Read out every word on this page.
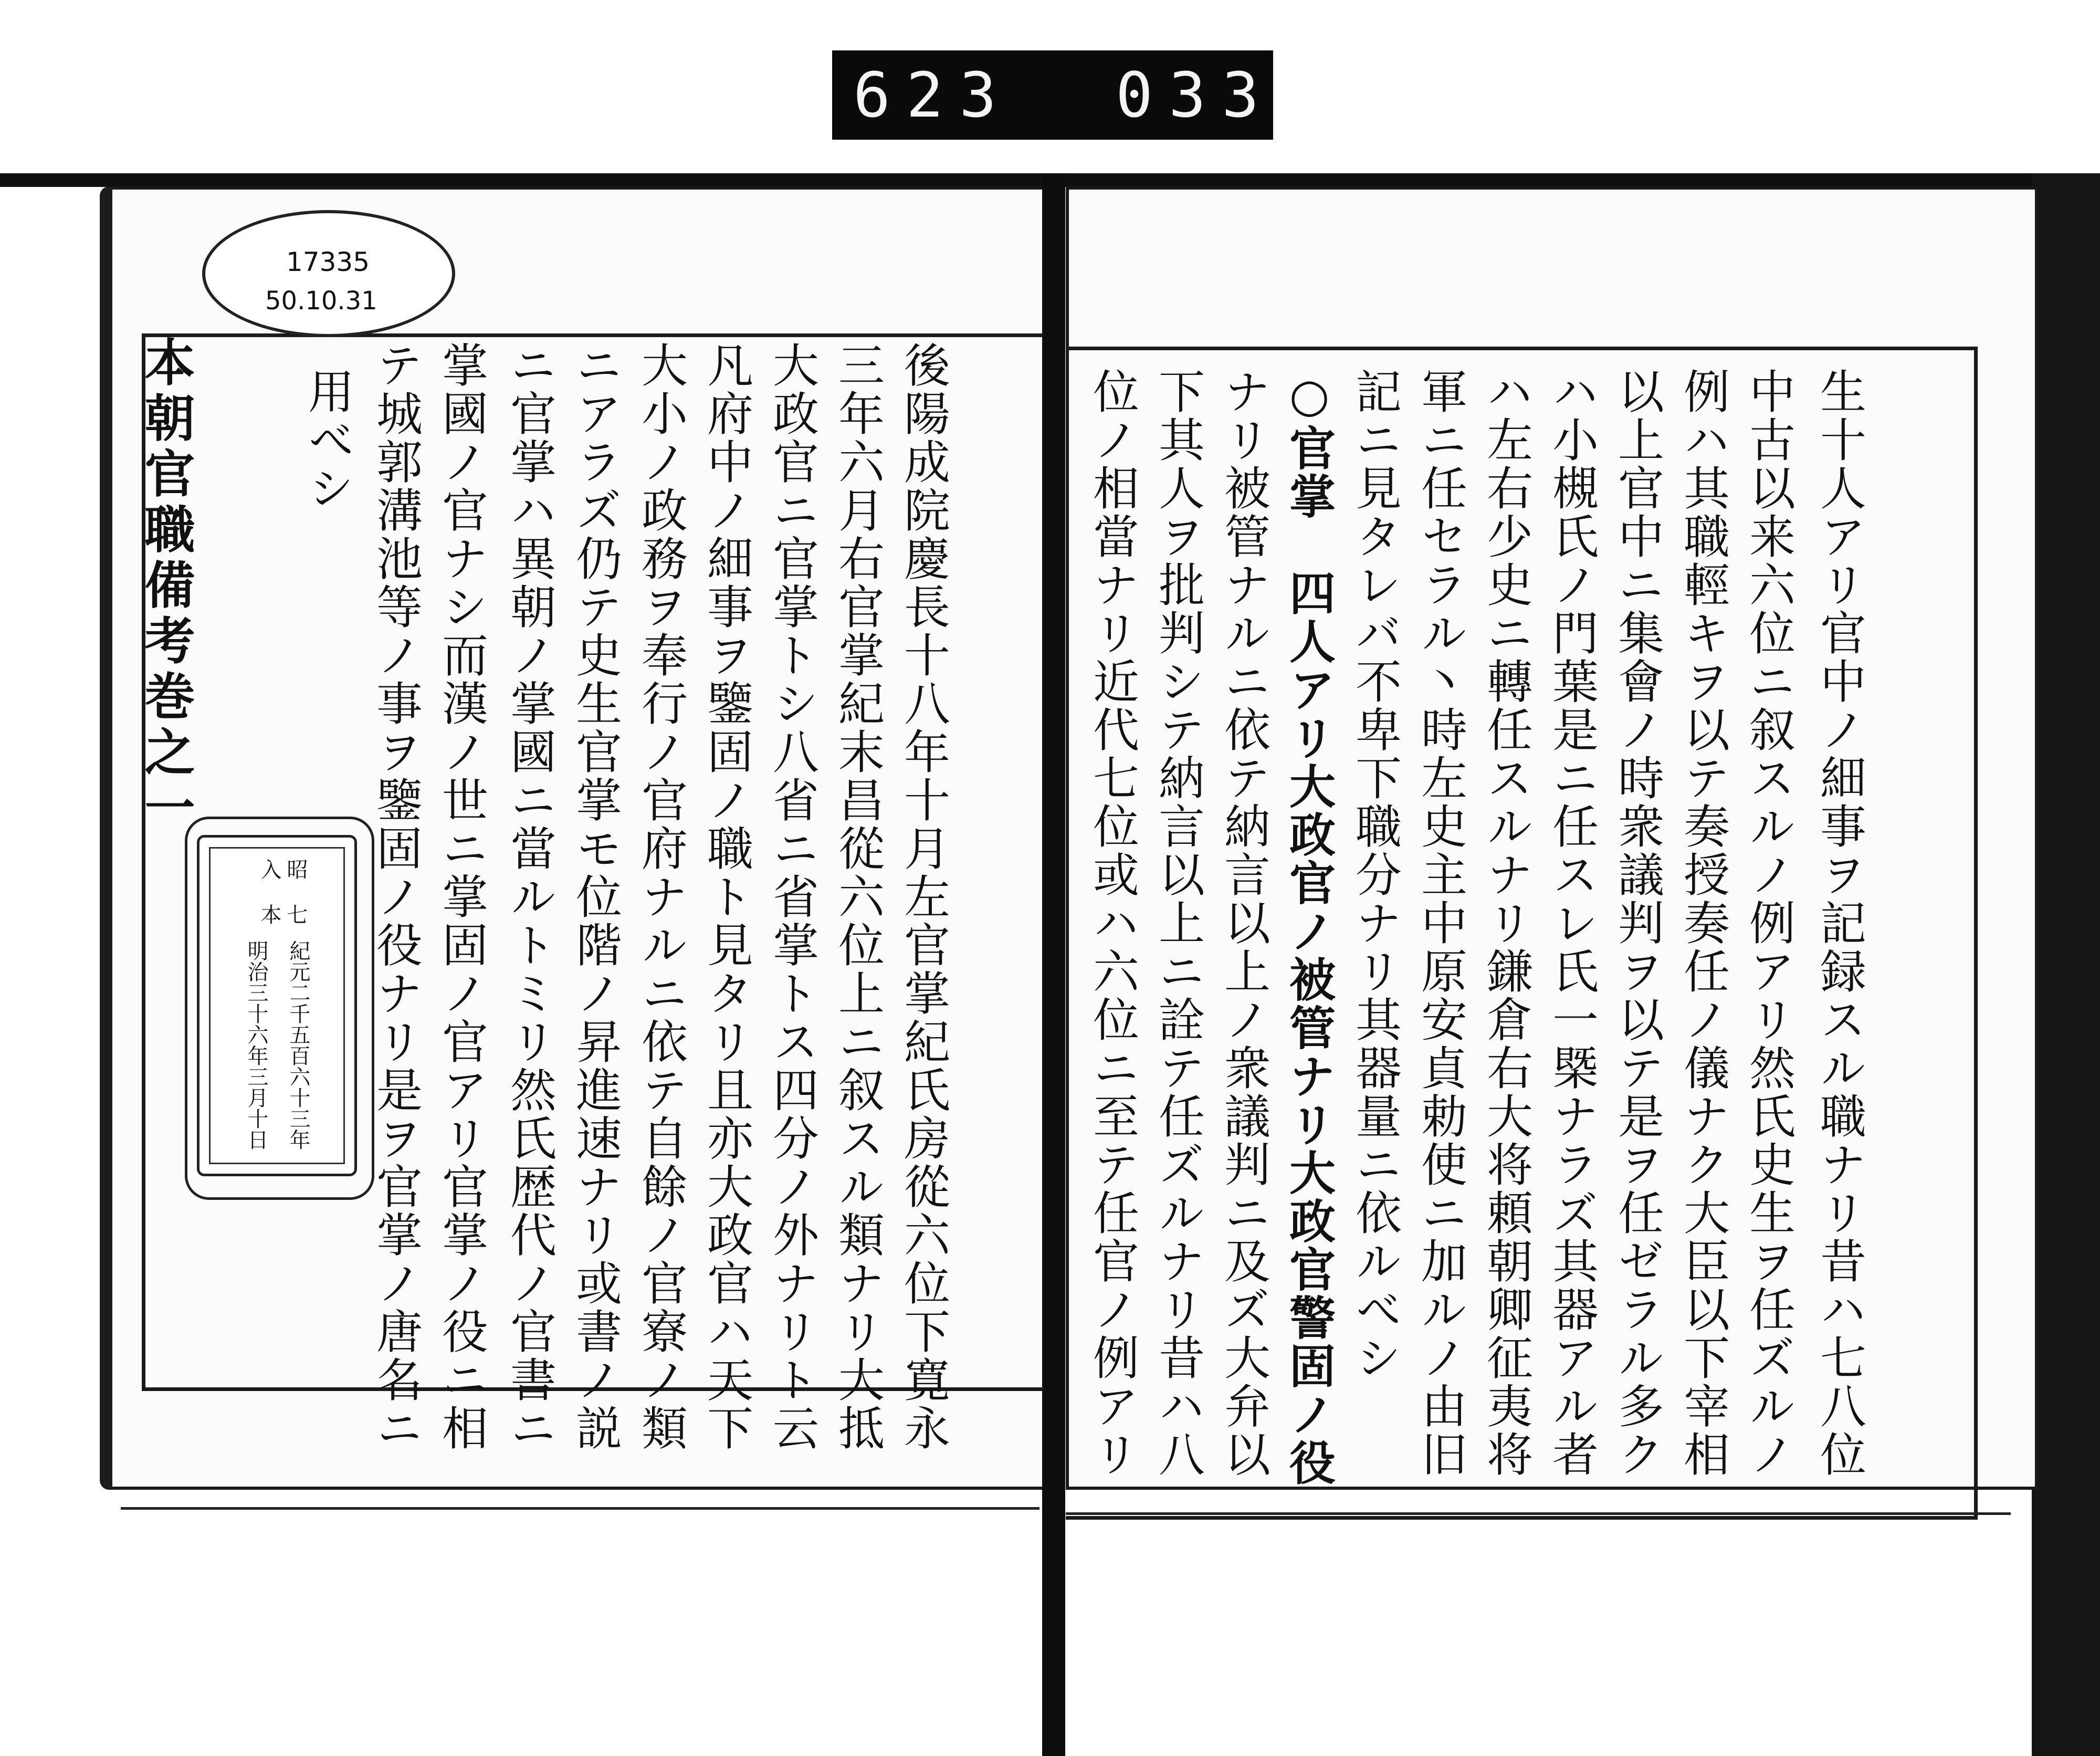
623 033
17335
50.10.31
本朝官職備考巻之一 用べシ テ城郭溝池等ノ事ヲ鑒固ノ役ナリ是ヲ官掌ノ唐名ニ 掌國ノ官ナシ而漢ノ世ニ掌固ノ官アリ官掌ノ役ニ相 ニ官掌ハ異朝ノ掌國ニ當ルトミリ然氏歴代ノ官書ニ ニアラズ仍テ史生官掌モ位階ノ昇進速ナリ或書ノ説 大小ノ政務ヲ奉行ノ官府ナルニ依テ自餘ノ官寮ノ類 凡府中ノ細事ヲ鑒固ノ職ト見タリ且亦大政官ハ天下 大政官ニ官掌トシ八省ニ省掌トス四分ノ外ナリト云 三年六月右官掌紀末昌從六位上ニ叙スル類ナリ大抵 後陽成院慶長十八年十月左官掌紀氏房從六位下寛永
入 本 昭 七
紀元二千五百六十三年
明治三十六年三月十日	位ノ相當ナリ近代七位或ハ六位ニ至テ任官ノ例アリ 下其人ヲ批判シテ納言以上ニ詮テ任ズルナリ昔ハ八 ナリ被管ナルニ依テ納言以上ノ衆議判ニ及ズ大弁以 ○官掌　四人アリ大政官ノ被管ナリ大政官警固ノ役 記ニ見タレバ不卑下職分ナリ其器量ニ依ルべシ 軍ニ任セラル丶時左史主中原安貞勅使ニ加ルノ由旧 ハ左右少史ニ轉任スルナリ鎌倉右大将頼朝卿征夷将 ハ小槻氏ノ門葉是ニ任スレ氏一槩ナラズ其器アル者 以上官中ニ集會ノ時衆議判ヲ以テ是ヲ任ゼラル多ク 例ハ其職輕キヲ以テ奏授奏任ノ儀ナク大臣以下宰相 中古以来六位ニ叙スルノ例アリ然氏史生ヲ任ズルノ 生十人アリ官中ノ細事ヲ記録スル職ナリ昔ハ七八位
